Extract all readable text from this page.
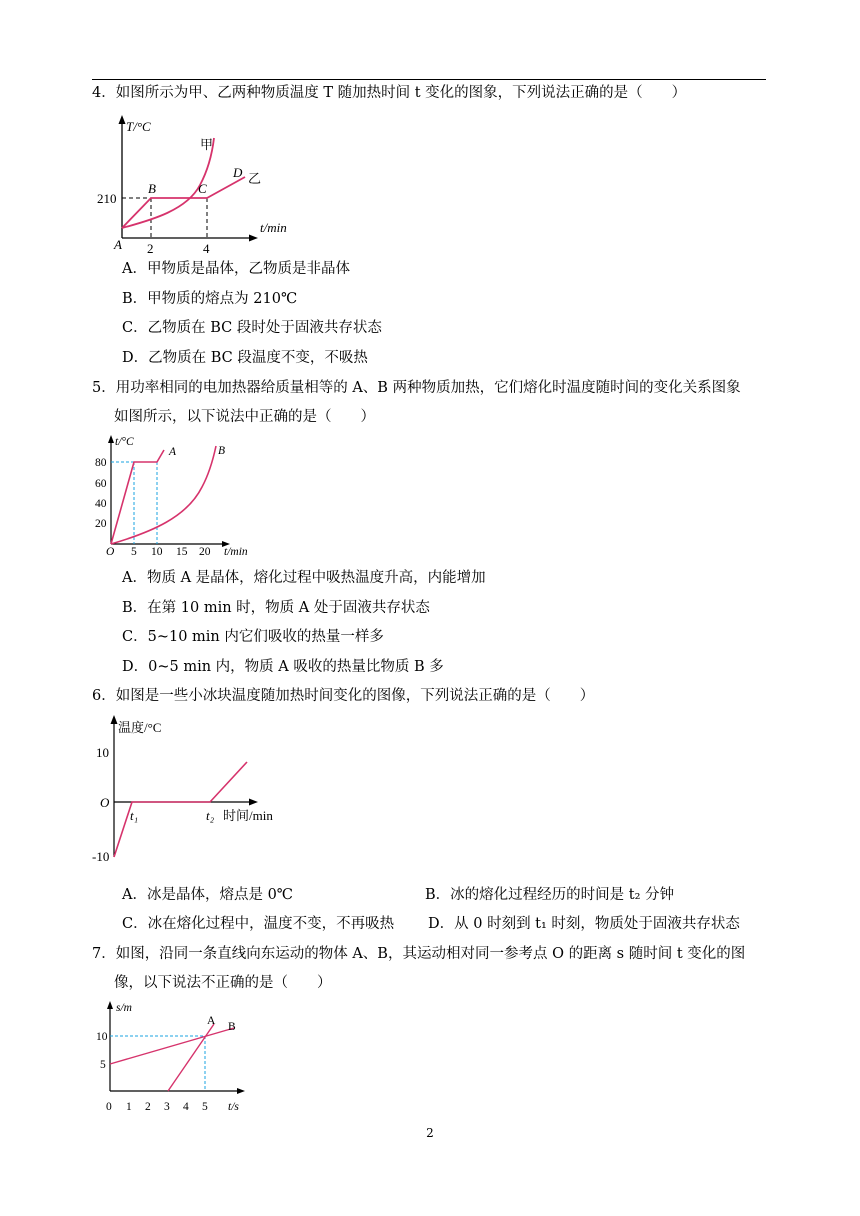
4．如图所示为甲、乙两种物质温度 T 随加热时间 t 变化的图象，下列说法正确的是（　　）
T/°C
t/min
210
2	4
A
B	C
D
甲
乙
A．甲物质是晶体，乙物质是非晶体
B．甲物质的熔点为 210℃
C．乙物质在 BC 段时处于固液共存状态
D．乙物质在 BC 段温度不变，不吸热
5．用功率相同的电加热器给质量相等的 A、B 两种物质加热，它们熔化时温度随时间的变化关系图象
如图所示，以下说法中正确的是（　　）
t/°C
t/min
20
40
60
80
O 5 10 15 20
A	B
A．物质 A 是晶体，熔化过程中吸热温度升高，内能增加
B．在第 10 min 时，物质 A 处于固液共存状态
C．5~10 min 内它们吸收的热量一样多
D．0~5 min 内，物质 A 吸收的热量比物质 B 多
6．如图是一些小冰块温度随加热时间变化的图像，下列说法正确的是（　　）
温度/°C
10
O
-10
t₁	t₂ 时间/min
A．冰是晶体，熔点是 0℃	B．冰的熔化过程经历的时间是 t₂ 分钟
C．冰在熔化过程中，温度不变，不再吸热 D．从 0 时刻到 t₁ 时刻，物质处于固液共存状态
7．如图，沿同一条直线向东运动的物体 A、B，其运动相对同一参考点 O 的距离 s 随时间 t 变化的图
像，以下说法不正确的是（　　）
s/m
t/s
5
10
0 1 2 3 4 5
A B
2
